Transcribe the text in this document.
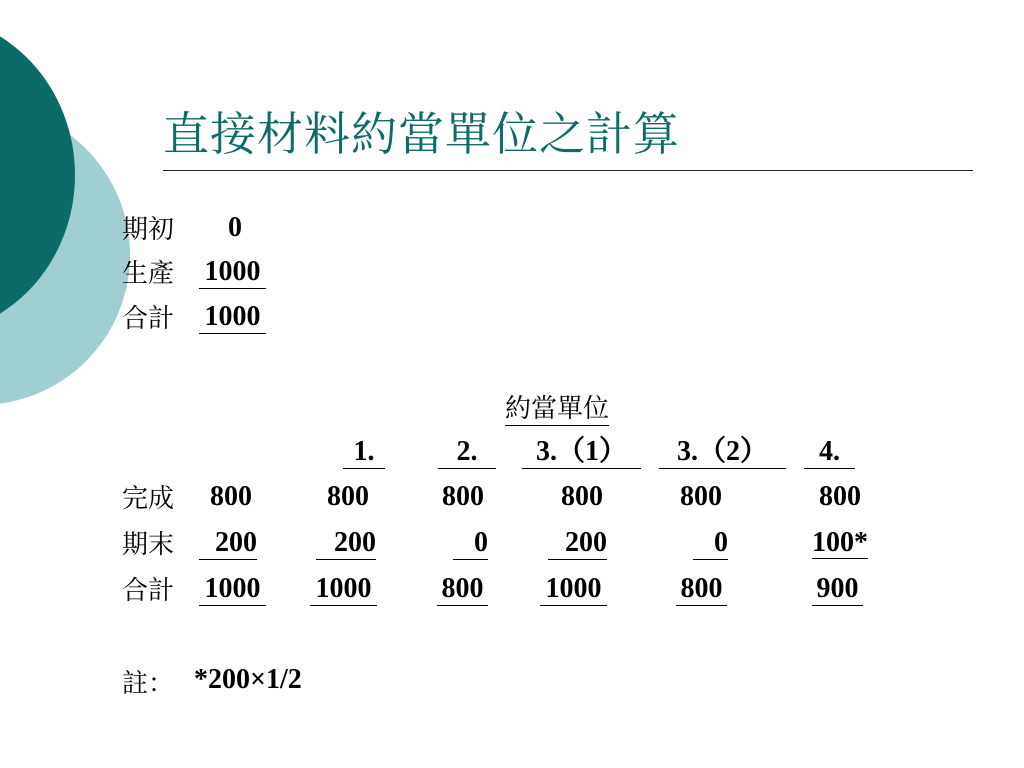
直接材料約當單位之計算
期初	0
生產 1000
合計 1000
約當單位
1.	2.	3.（1）	3.（2）	4.
完成	800	800	800	800	800	800
期末	200	200	0	200	0	100*
合計 1000 1000	800 1000	800	900
註： *200×1/2
